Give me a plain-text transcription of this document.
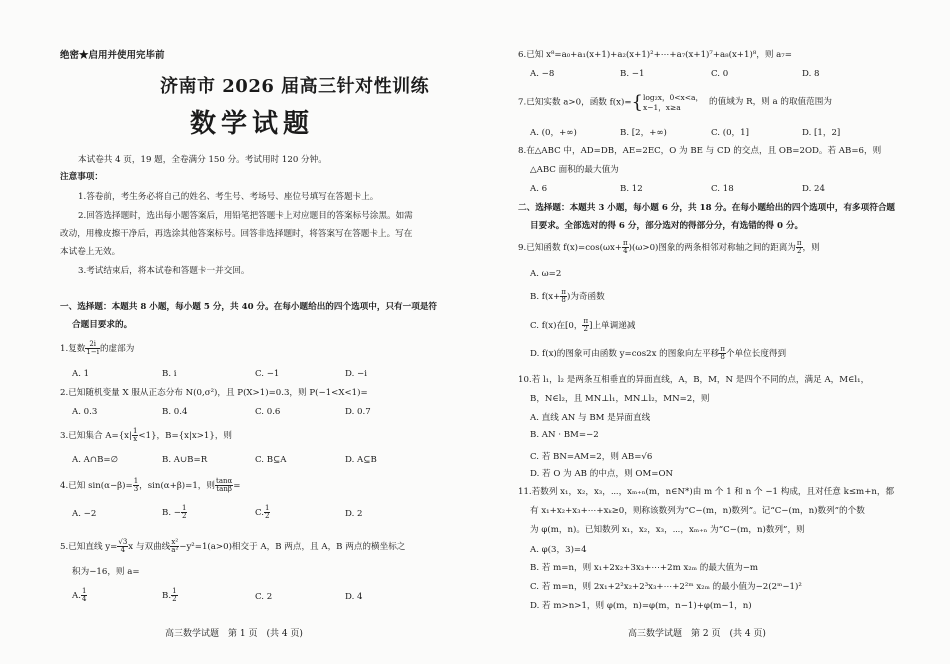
绝密★启用并使用完毕前
济南市 2026 届高三针对性训练
数学试题
本试卷共 4 页，19 题，全卷满分 150 分。考试用时 120 分钟。
注意事项：
1.答卷前，考生务必将自己的姓名、考生号、考场号、座位号填写在答题卡上。
2.回答选择题时，选出每小题答案后，用铅笔把答题卡上对应题目的答案标号涂黑。如需
改动，用橡皮擦干净后，再选涂其他答案标号。回答非选择题时，将答案写在答题卡上。写在
本试卷上无效。
3.考试结束后，将本试卷和答题卡一并交回。
一、选择题：本题共 8 小题，每小题 5 分，共 40 分。在每小题给出的四个选项中，只有一项是符
合题目要求的。
1.复数 $\frac{2i}{1-i}$ 的虚部为
A. 1	B. i	C. −1	D. −i
2.已知随机变量 X 服从正态分布 N(0,σ²)，且 P(X>1)=0.3，则 P(−1<X<1)=
A. 0.3	B. 0.4	C. 0.6	D. 0.7
3.已知集合 $A=\{x| \frac{1}{x} <1\}$，B={x|x>1}，则
A. A∩B=∅	B. A∪B=R	C. B⊆A	D. A⊆B
4.已知 $\sin(\alpha-\beta)= \frac{1}{3}$ ，sin(α+β)=1，则 $\frac{\tan\alpha}{\tan\beta}$ =
A. −2	B. − $\frac{1}{2}$	C. $\frac{1}{2}$	D. 2
5.已知直线 $y= \frac{√3}{4}$ x 与双曲线 $\frac{\text{x²}}{\text{a²}} -y^2=1(a>0)$相交于 A，B 两点，且 A，B 两点的横坐标之
积为−16，则 a=
A. $\frac{1}{4}$	B. $\frac{1}{2}$	C. 2	D. 4
高三数学试题　第 1 页　(共 4 页)
6.已知 x⁸=a₀+a₁(x+1)+a₂(x+1)²+⋯+a₇(x+1)⁷+a₈(x+1)⁸，则 a₇=
A. −8	B. −1	C. 0	D. 8
7.已知实数 a>0，函数 f(x)={ log₂x，0<x<a，
x−1，x≥a	的值域为 R，则 a 的取值范围为
A. (0，+∞)	B. [2，+∞)	C. (0，1]	D. [1，2]
8.在△ABC 中，AD=DB，AE=2EC，O 为 BE 与 CD 的交点，且 OB=2OD。若 AB=6，则
△ABC 面积的最大值为
A. 6	B. 12	C. 18	D. 24
二、选择题：本题共 3 小题，每小题 6 分，共 18 分。在每小题给出的四个选项中，有多项符合题
目要求。全部选对的得 6 分，部分选对的得部分分，有选错的得 0 分。
9.已知函数 $f(x)=\cos(\omega x+ \frac{\pi}{4} )(\omega>0)$图象的两条相邻对称轴之间的距离为 $\frac{\pi}{2}$ ，则
A. ω=2
B. $f(x+ \frac{\pi}{8}$ )为奇函数
C. f(x)在[0， $\frac{\pi}{2}$ ]上单调递减
D. f(x)的图象可由函数 y=cos2x 的图象向左平移 $\frac{\pi}{8}$ 个单位长度得到
10.若 l₁，l₂ 是两条互相垂直的异面直线，A，B，M，N 是四个不同的点，满足 A，M∈l₁，
B，N∈l₂，且 MN⊥l₁，MN⊥l₂，MN=2，则
A. 直线 AN 与 BM 是异面直线
B. AN · BM=−2
C. 若 BN=AM=2，则 AB=√6
D. 若 O 为 AB 的中点，则 OM=ON
11.若数列 x₁，x₂，x₃，⋯，xₘ₊ₙ(m，n∈N*)由 m 个 1 和 n 个 −1 构成，且对任意 k≤m+n，都
有 x₁+x₂+x₃+⋯+xₖ≥0，则称该数列为“C−(m，n)数列”。记“C−(m，n)数列”的个数
为 φ(m，n)。已知数列 x₁，x₂，x₃，⋯，xₘ₊ₙ 为“C−(m，n)数列”，则
A. φ(3，3)=4
B. 若 m=n，则 x₁+2x₂+3x₃+⋯+2m x₂ₘ 的最大值为−m
C. 若 m=n，则 2x₁+2²x₂+2³x₃+⋯+2²ᵐ x₂ₘ 的最小值为−2(2ᵐ−1)²
D. 若 m>n>1，则 φ(m，n)=φ(m，n−1)+φ(m−1，n)
高三数学试题　第 2 页　(共 4 页)
